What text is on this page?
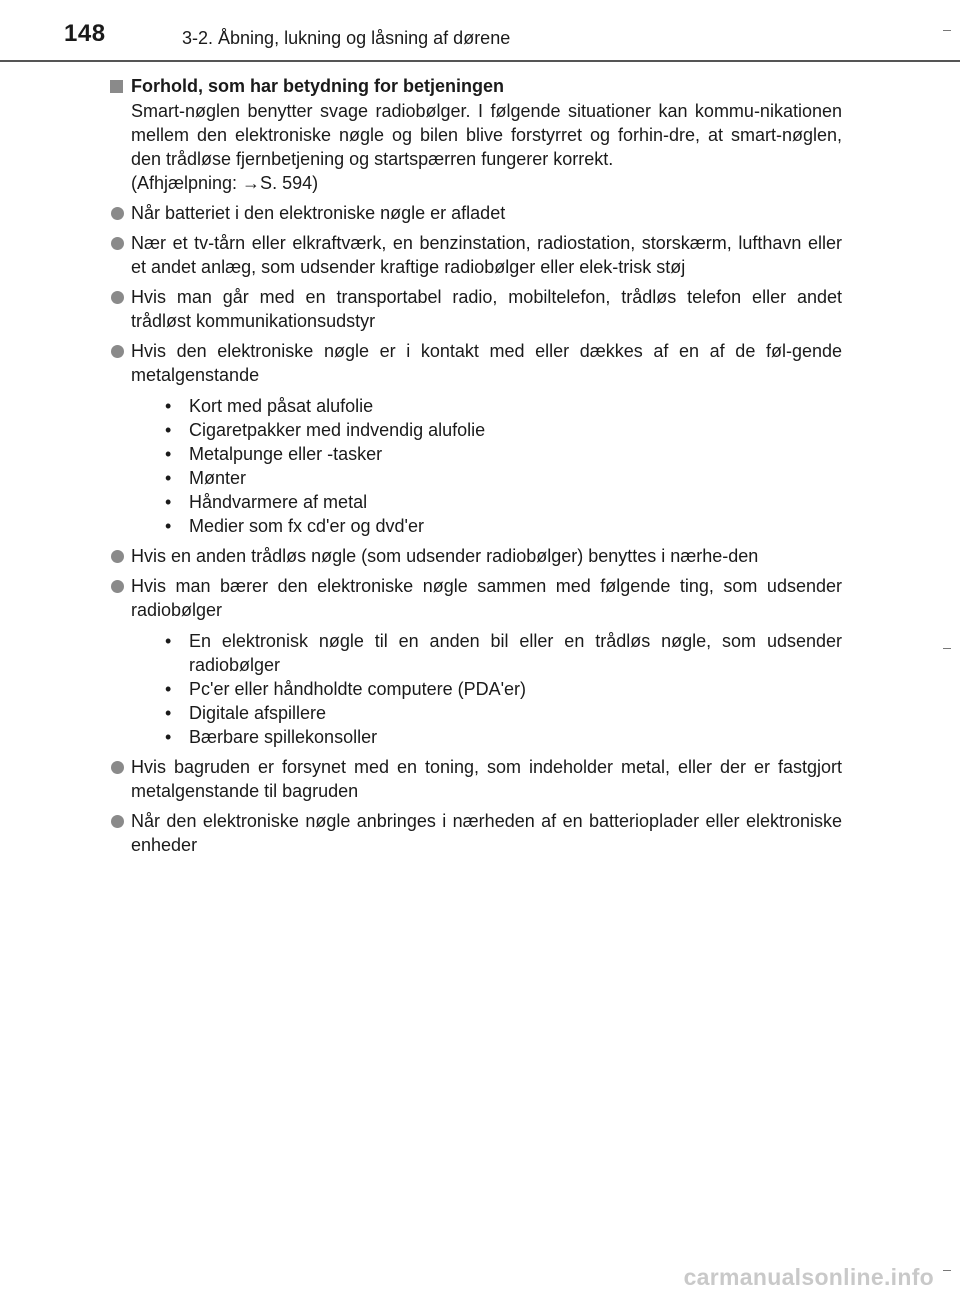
148	3-2. Åbning, lukning og låsning af dørene
Forhold, som har betydning for betjeningen
Smart-nøglen benytter svage radiobølger. I følgende situationer kan kommu-nikationen mellem den elektroniske nøgle og bilen blive forstyrret og forhin-dre, at smart-nøglen, den trådløse fjernbetjening og startspærren fungerer korrekt.
(Afhjælpning: →S. 594)
Når batteriet i den elektroniske nøgle er afladet
Nær et tv-tårn eller elkraftværk, en benzinstation, radiostation, storskærm, lufthavn eller et andet anlæg, som udsender kraftige radiobølger eller elek-trisk støj
Hvis man går med en transportabel radio, mobiltelefon, trådløs telefon eller andet trådløst kommunikationsudstyr
Hvis den elektroniske nøgle er i kontakt med eller dækkes af en af de føl-gende metalgenstande
• Kort med påsat alufolie
• Cigaretpakker med indvendig alufolie
• Metalpunge eller -tasker
• Mønter
• Håndvarmere af metal
• Medier som fx cd'er og dvd'er
Hvis en anden trådløs nøgle (som udsender radiobølger) benyttes i nærhe-den
Hvis man bærer den elektroniske nøgle sammen med følgende ting, som udsender radiobølger
• En elektronisk nøgle til en anden bil eller en trådløs nøgle, som udsender radiobølger
• Pc'er eller håndholdte computere (PDA'er)
• Digitale afspillere
• Bærbare spillekonsoller
Hvis bagruden er forsynet med en toning, som indeholder metal, eller der er fastgjort metalgenstande til bagruden
Når den elektroniske nøgle anbringes i nærheden af en batterioplader eller elektroniske enheder
carmanualsonline.info
